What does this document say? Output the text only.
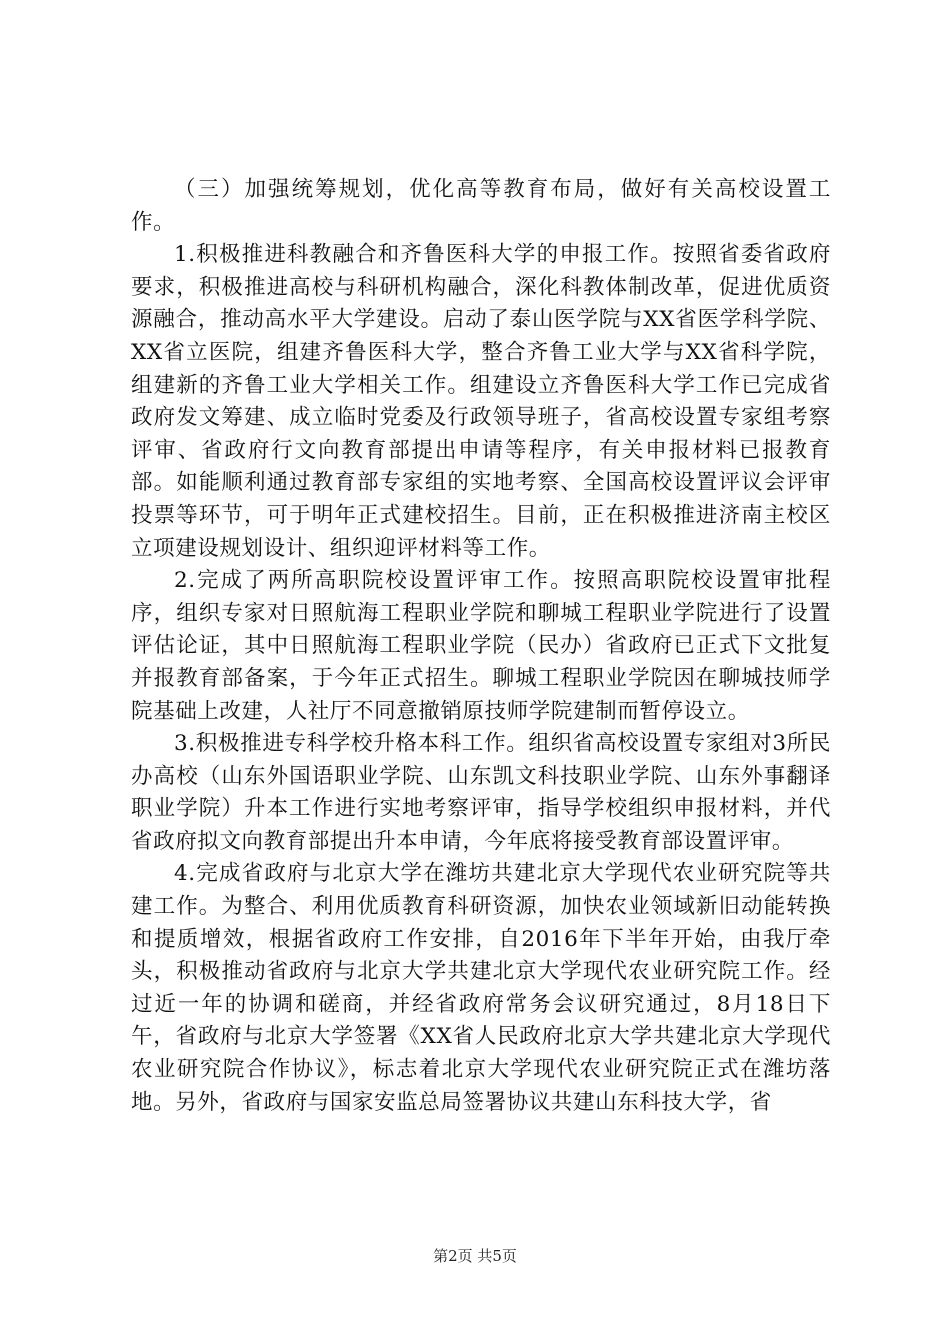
（三）加强统筹规划，优化高等教育布局，做好有关高校设置工作。

1.积极推进科教融合和齐鲁医科大学的申报工作。按照省委省政府要求，积极推进高校与科研机构融合，深化科教体制改革，促进优质资源融合，推动高水平大学建设。启动了泰山医学院与XX省医学科学院、XX省立医院，组建齐鲁医科大学，整合齐鲁工业大学与XX省科学院，组建新的齐鲁工业大学相关工作。组建设立齐鲁医科大学工作已完成省政府发文筹建、成立临时党委及行政领导班子，省高校设置专家组考察评审、省政府行文向教育部提出申请等程序，有关申报材料已报教育部。如能顺利通过教育部专家组的实地考察、全国高校设置评议会评审投票等环节，可于明年正式建校招生。目前，正在积极推进济南主校区立项建设规划设计、组织迎评材料等工作。

2.完成了两所高职院校设置评审工作。按照高职院校设置审批程序，组织专家对日照航海工程职业学院和聊城工程职业学院进行了设置评估论证，其中日照航海工程职业学院（民办）省政府已正式下文批复并报教育部备案，于今年正式招生。聊城工程职业学院因在聊城技师学院基础上改建，人社厅不同意撤销原技师学院建制而暂停设立。

3.积极推进专科学校升格本科工作。组织省高校设置专家组对3所民办高校（山东外国语职业学院、山东凯文科技职业学院、山东外事翻译职业学院）升本工作进行实地考察评审，指导学校组织申报材料，并代省政府拟文向教育部提出升本申请，今年底将接受教育部设置评审。

4.完成省政府与北京大学在潍坊共建北京大学现代农业研究院等共建工作。为整合、利用优质教育科研资源，加快农业领域新旧动能转换和提质增效，根据省政府工作安排，自2016年下半年开始，由我厅牵头，积极推动省政府与北京大学共建北京大学现代农业研究院工作。经过近一年的协调和磋商，并经省政府常务会议研究通过，8月18日下午，省政府与北京大学签署《XX省人民政府北京大学共建北京大学现代农业研究院合作协议》，标志着北京大学现代农业研究院正式在潍坊落地。另外，省政府与国家安监总局签署协议共建山东科技大学，省

第2页 共5页
